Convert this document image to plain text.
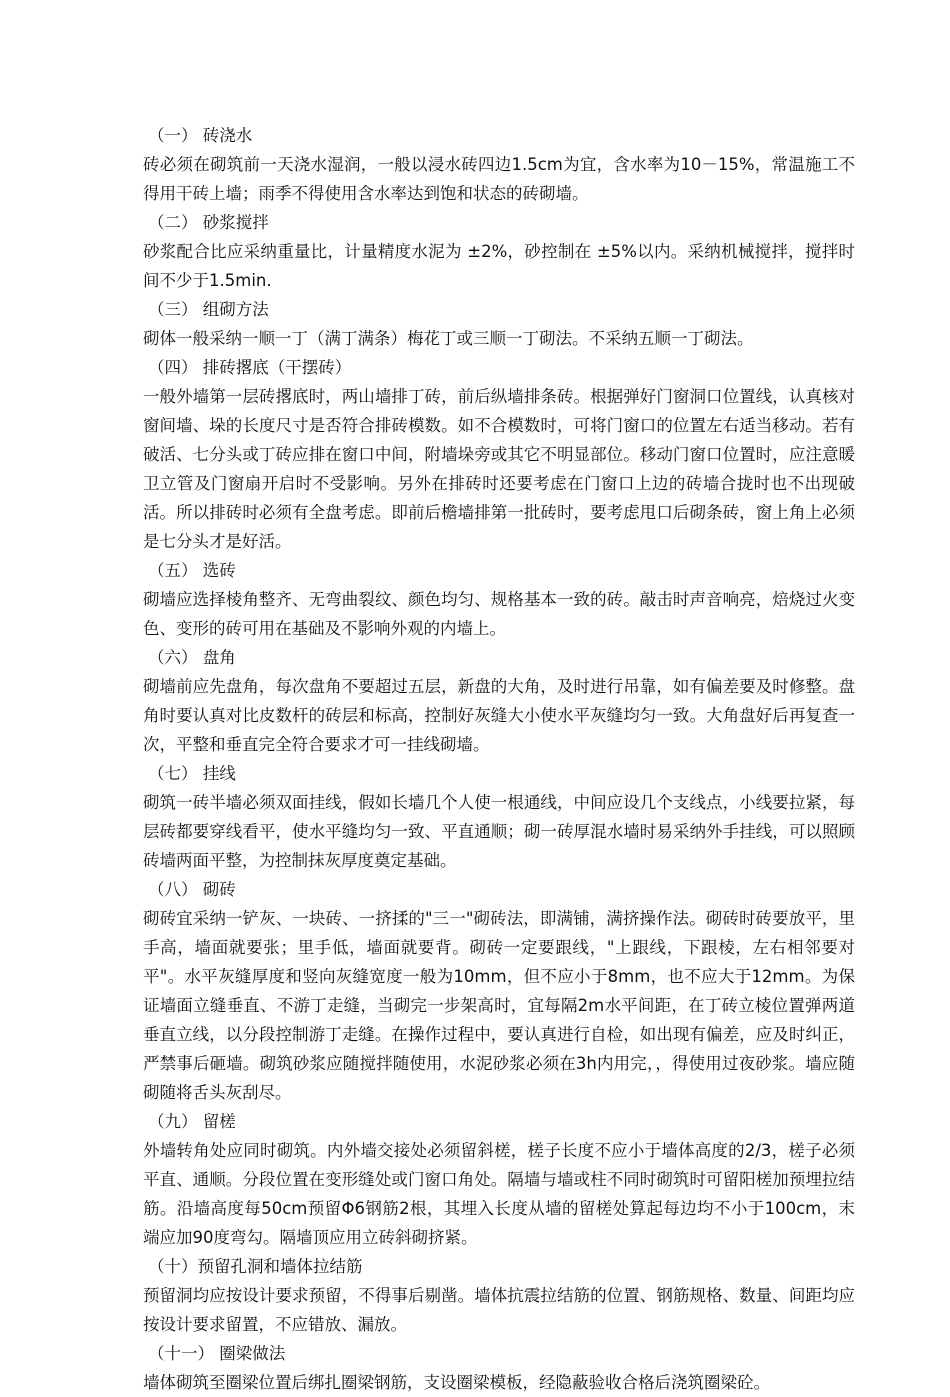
（一） 砖浇水
砖必须在砌筑前一天浇水湿润，一般以浸水砖四边1.5cm为宜，含水率为10－15%，常温施工不得用干砖上墙；雨季不得使用含水率达到饱和状态的砖砌墙。
（二） 砂浆搅拌
砂浆配合比应采纳重量比，计量精度水泥为 ±2%，砂控制在 ±5%以内。采纳机械搅拌，搅拌时间不少于1.5min.
（三） 组砌方法
砌体一般采纳一顺一丁（满丁满条）梅花丁或三顺一丁砌法。不采纳五顺一丁砌法。
（四） 排砖撂底（干摆砖）
一般外墙第一层砖撂底时，两山墙排丁砖，前后纵墙排条砖。根据弹好门窗洞口位置线，认真核对窗间墙、垛的长度尺寸是否符合排砖模数。如不合模数时，可将门窗口的位置左右适当移动。若有破活、七分头或丁砖应排在窗口中间，附墙垛旁或其它不明显部位。移动门窗口位置时，应注意暖卫立管及门窗扇开启时不受影响。另外在排砖时还要考虑在门窗口上边的砖墙合拢时也不出现破活。所以排砖时必须有全盘考虑。即前后檐墙排第一批砖时，要考虑甩口后砌条砖，窗上角上必须是七分头才是好活。
（五） 选砖
砌墙应选择棱角整齐、无弯曲裂纹、颜色均匀、规格基本一致的砖。敲击时声音响亮，焙烧过火变色、变形的砖可用在基础及不影响外观的内墙上。
（六） 盘角
砌墙前应先盘角，每次盘角不要超过五层，新盘的大角，及时进行吊靠，如有偏差要及时修整。盘角时要认真对比皮数杆的砖层和标高，控制好灰缝大小使水平灰缝均匀一致。大角盘好后再复查一次，平整和垂直完全符合要求才可一挂线砌墙。
（七） 挂线
砌筑一砖半墙必须双面挂线，假如长墙几个人使一根通线，中间应设几个支线点，小线要拉紧，每层砖都要穿线看平，使水平缝均匀一致、平直通顺；砌一砖厚混水墙时易采纳外手挂线，可以照顾砖墙两面平整，为控制抹灰厚度奠定基础。
（八） 砌砖
砌砖宜采纳一铲灰、一块砖、一挤揉的"三一"砌砖法，即满铺，满挤操作法。砌砖时砖要放平，里手高，墙面就要张；里手低，墙面就要背。砌砖一定要跟线，"上跟线，下跟棱，左右相邻要对平"。水平灰缝厚度和竖向灰缝宽度一般为10mm，但不应小于8mm，也不应大于12mm。为保证墙面立缝垂直、不游丁走缝，当砌完一步架高时，宜每隔2m水平间距，在丁砖立棱位置弹两道垂直立线，以分段控制游丁走缝。在操作过程中，要认真进行自检，如出现有偏差，应及时纠正，严禁事后砸墙。砌筑砂浆应随搅拌随使用，水泥砂浆必须在3h内用完，，得使用过夜砂浆。墙应随砌随将舌头灰刮尽。
（九） 留槎
外墙转角处应同时砌筑。内外墙交接处必须留斜槎，槎子长度不应小于墙体高度的2/3，槎子必须平直、通顺。分段位置在变形缝处或门窗口角处。隔墙与墙或柱不同时砌筑时可留阳槎加预埋拉结筋。沿墙高度每50cm预留Φ6钢筋2根，其埋入长度从墙的留槎处算起每边均不小于100cm，末端应加90度弯勾。隔墙顶应用立砖斜砌挤紧。
（十）预留孔洞和墙体拉结筋
预留洞均应按设计要求预留，不得事后剔凿。墙体抗震拉结筋的位置、钢筋规格、数量、间距均应按设计要求留置，不应错放、漏放。
（十一） 圈梁做法
墙体砌筑至圈梁位置后绑扎圈梁钢筋，支设圈梁模板，经隐蔽验收合格后浇筑圈梁砼。
